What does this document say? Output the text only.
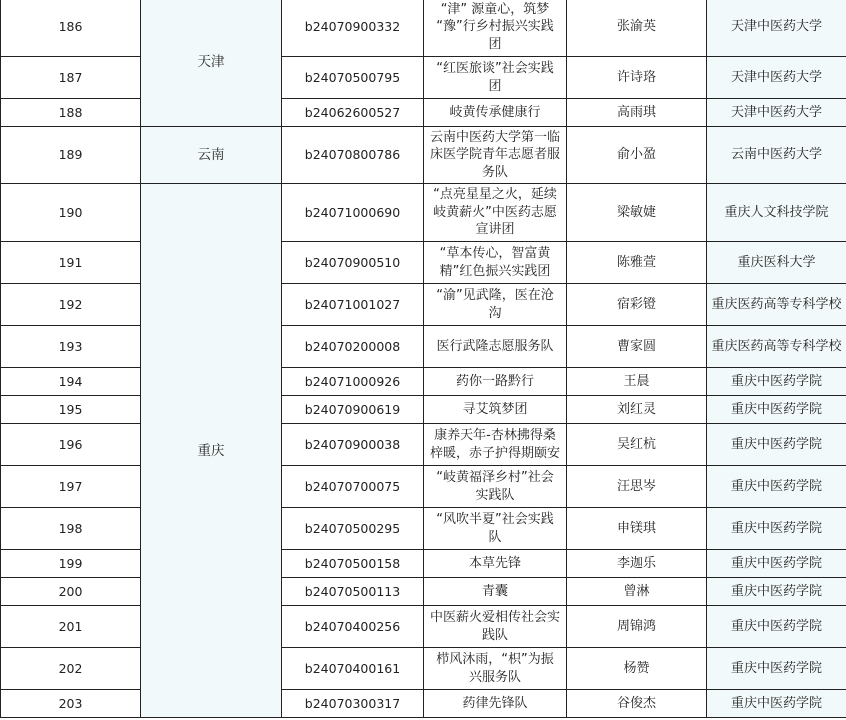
186	天津	b24070900332	“津” 源童心，筑梦 “豫”行乡村振兴实践团	张渝英	天津中医药大学
187		b24070500795	“红医旅谈”社会实践团	许诗珞	天津中医药大学
188		b24062600527	岐黄传承健康行	高雨琪	天津中医药大学
189	云南	b24070800786	云南中医药大学第一临床医学院青年志愿者服务队	俞小盈	云南中医药大学
190	重庆	b24071000690	“点亮星星之火，延续岐黄薪火”中医药志愿宣讲团	梁敏婕	重庆人文科技学院
191		b24070900510	“草本传心，智富黄精”红色振兴实践团	陈雅萱	重庆医科大学
192		b24071001027	“渝”见武隆，医在沧沟	宿彩镫	重庆医药高等专科学校
193		b24070200008	医行武隆志愿服务队	曹家圆	重庆医药高等专科学校
194		b24071000926	药你一路黔行	王晨	重庆中医药学院
195		b24070900619	寻艾筑梦团	刘红灵	重庆中医药学院
196		b24070900038	康养天年-杏林拂得桑梓暖，赤子护得期颐安	吴红杭	重庆中医药学院
197		b24070700075	“岐黄福泽乡村”社会实践队	汪思岑	重庆中医药学院
198		b24070500295	“风吹半夏”社会实践队	申镁琪	重庆中医药学院
199		b24070500158	本草先锋	李迦乐	重庆中医药学院
200		b24070500113	青囊	曾淋	重庆中医药学院
201		b24070400256	中医薪火爱相传社会实践队	周锦鸿	重庆中医药学院
202		b24070400161	栉风沐雨，“枳”为振兴服务队	杨赞	重庆中医药学院
203		b24070300317	药律先锋队	谷俊杰	重庆中医药学院
